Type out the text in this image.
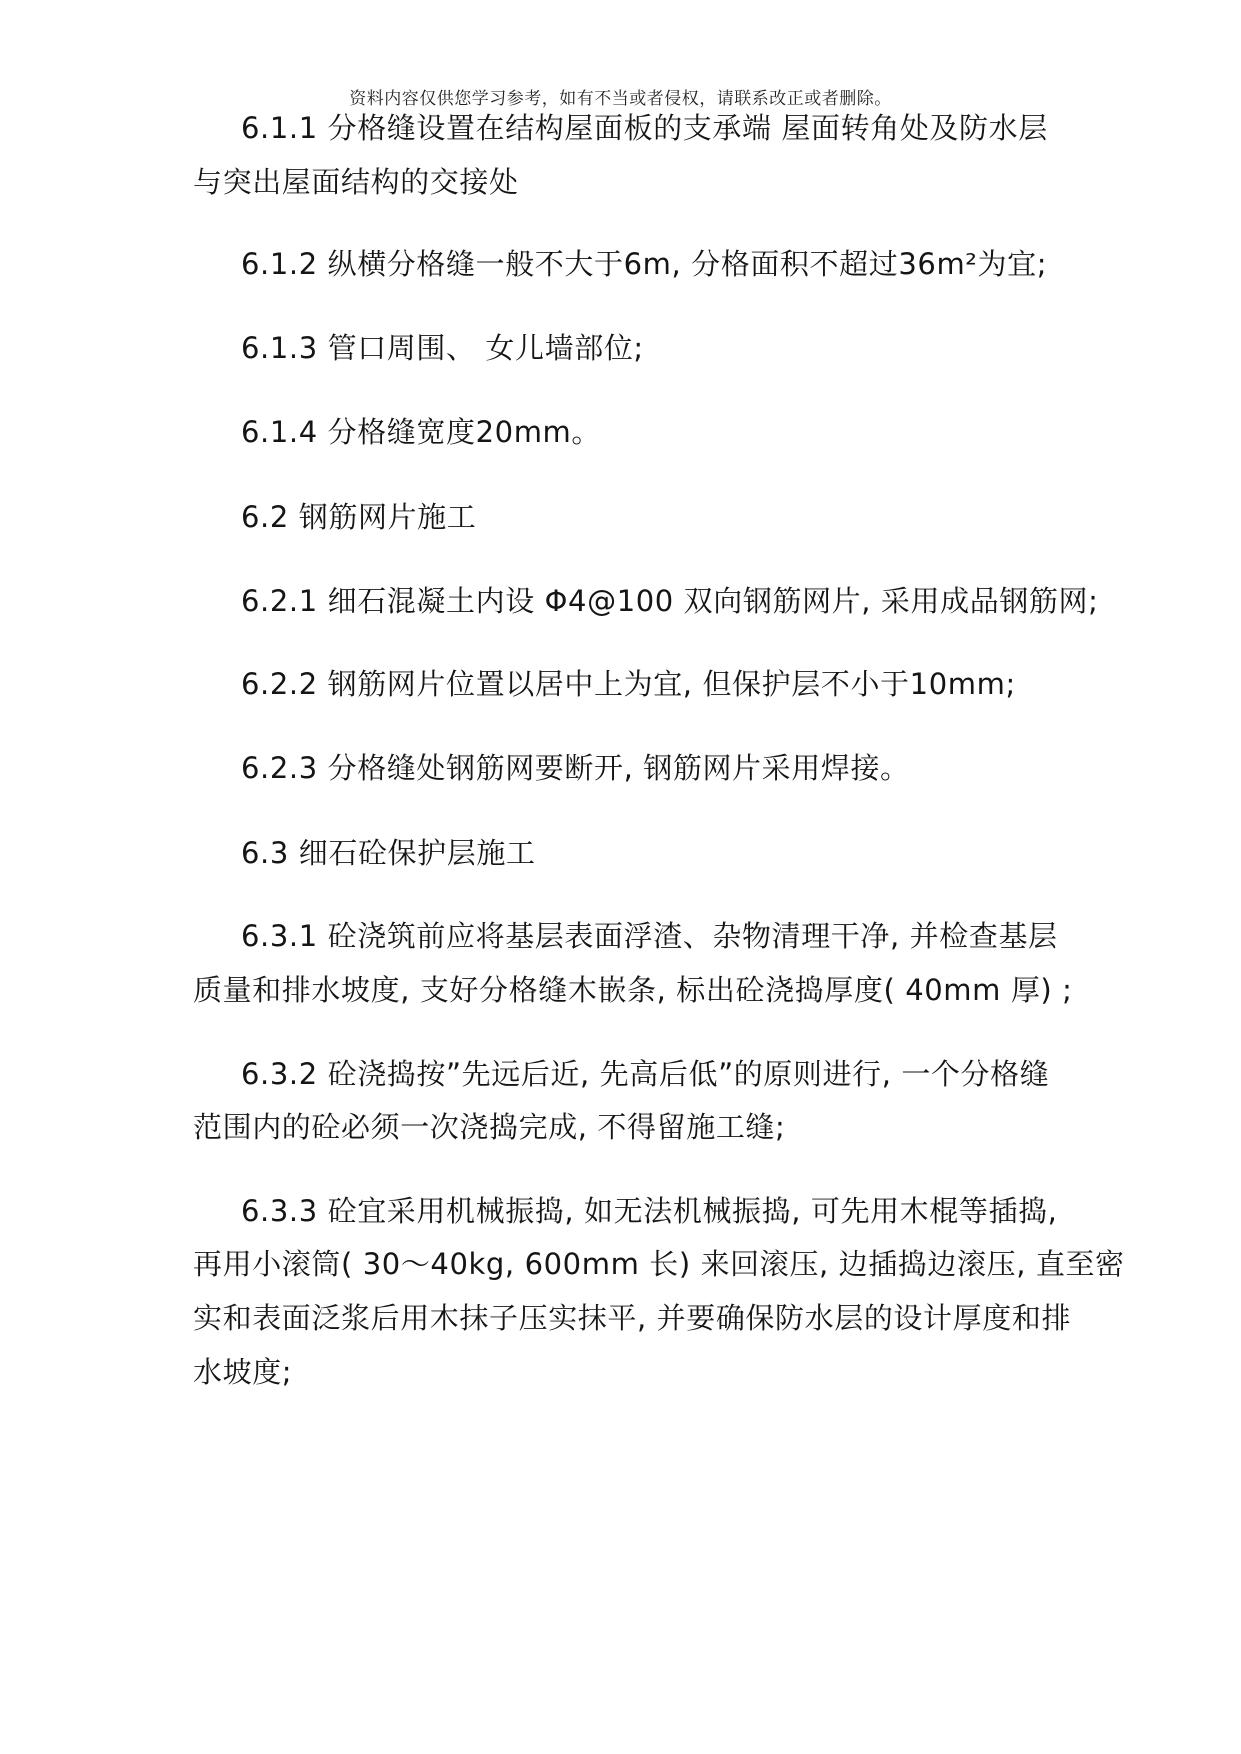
资料内容仅供您学习参考，如有不当或者侵权，请联系改正或者删除。
6.1.1 分格缝设置在结构屋面板的支承端 屋面转角处及防水层
与突出屋面结构的交接处
6.1.2 纵横分格缝一般不大于6m, 分格面积不超过36m²为宜;
6.1.3 管口周围、 女儿墙部位;
6.1.4 分格缝宽度20mm。
6.2 钢筋网片施工
6.2.1 细石混凝土内设 Φ4@100 双向钢筋网片, 采用成品钢筋网;
6.2.2 钢筋网片位置以居中上为宜, 但保护层不小于10mm;
6.2.3 分格缝处钢筋网要断开, 钢筋网片采用焊接。
6.3 细石砼保护层施工
6.3.1 砼浇筑前应将基层表面浮渣、杂物清理干净, 并检查基层
质量和排水坡度, 支好分格缝木嵌条, 标出砼浇捣厚度( 40mm 厚) ;
6.3.2 砼浇捣按”先远后近, 先高后低”的原则进行, 一个分格缝
范围内的砼必须一次浇捣完成, 不得留施工缝;
6.3.3 砼宜采用机械振捣, 如无法机械振捣, 可先用木棍等插捣,
再用小滚筒( 30～40kg, 600mm 长) 来回滚压, 边插捣边滚压, 直至密
实和表面泛浆后用木抹子压实抹平, 并要确保防水层的设计厚度和排
水坡度;
